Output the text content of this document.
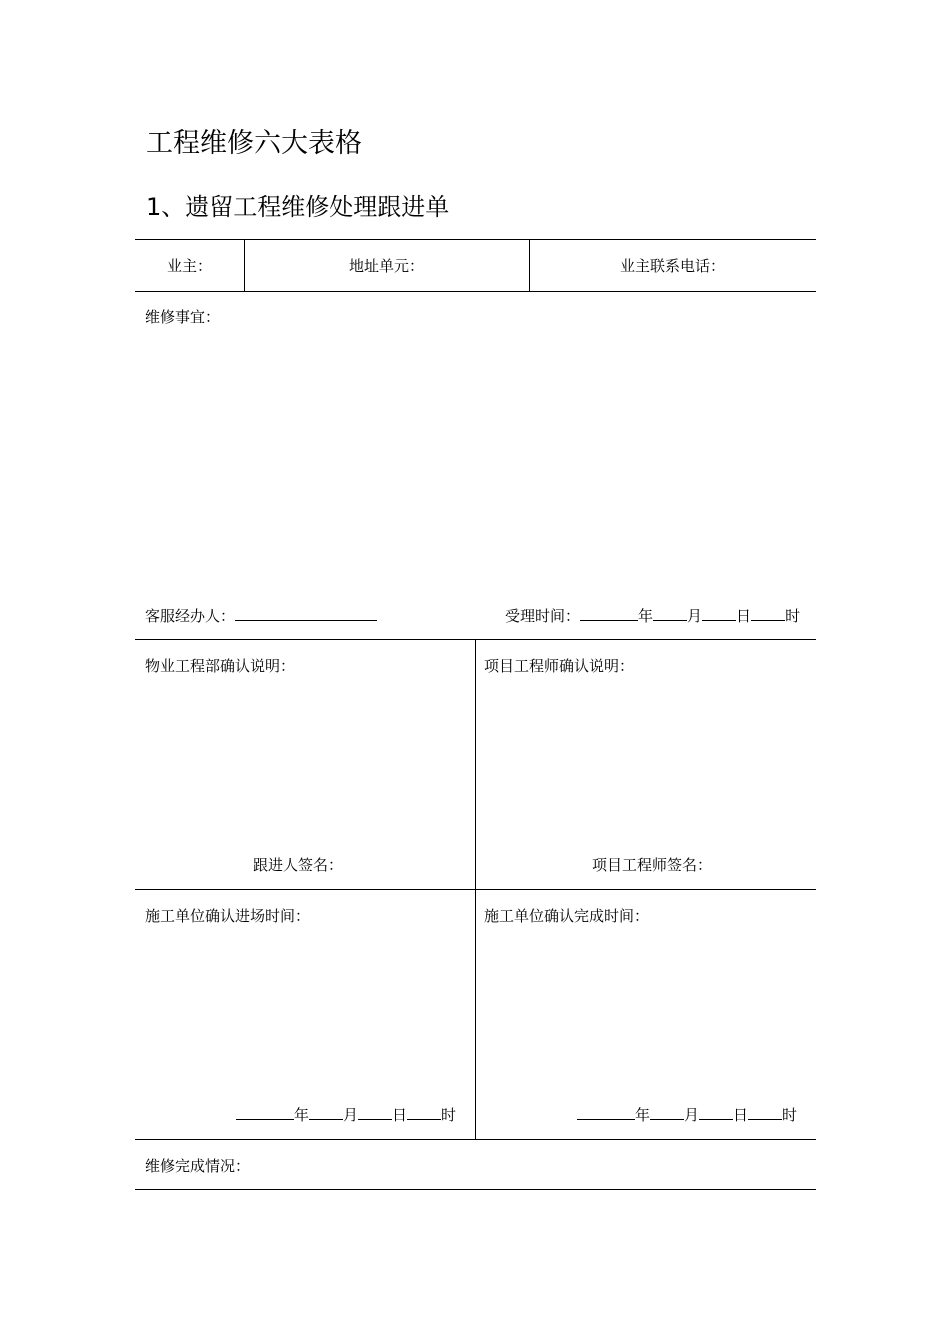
工程维修六大表格
1、遗留工程维修处理跟进单
业主：	地址单元：	业主联系电话：
维修事宜：
客服经办人：	受理时间：	年 月 日 时
物业工程部确认说明：	项目工程师确认说明：
跟进人签名：	项目工程师签名：
施工单位确认进场时间：	施工单位确认完成时间：
年 月 日 时	年 月 日 时
维修完成情况：
